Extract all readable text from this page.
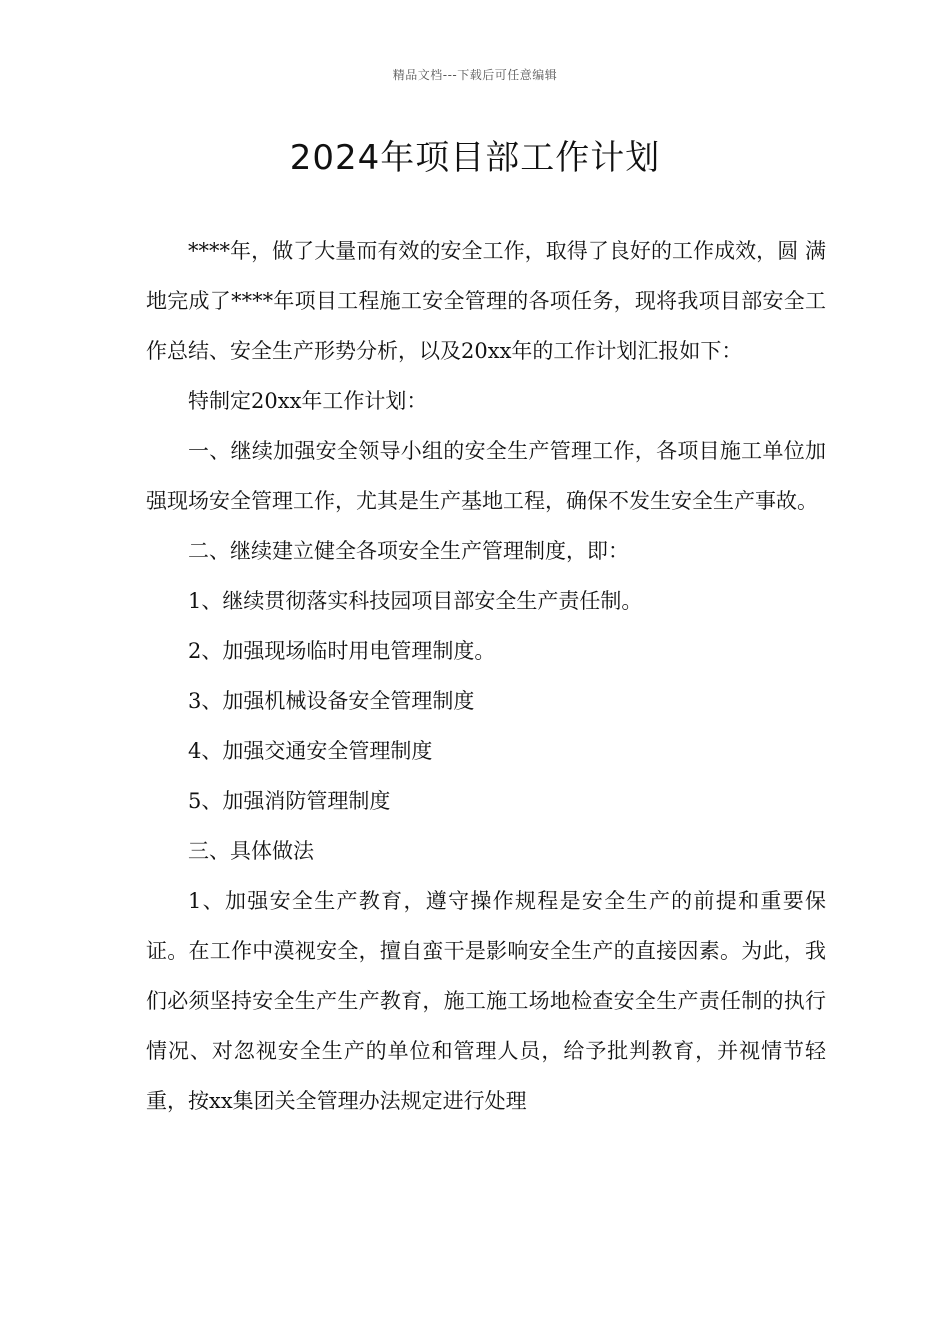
精品文档---下载后可任意编辑
2024年项目部工作计划

****年，做了大量而有效的安全工作，取得了良好的工作成效，圆 满地完成了****年项目工程施工安全管理的各项任务，现将我项目部安全工作总结、安全生产形势分析，以及20xx年的工作计划汇报如下：

特制定20xx年工作计划：

一、继续加强安全领导小组的安全生产管理工作，各项目施工单位加强现场安全管理工作，尤其是生产基地工程，确保不发生安全生产事故。

二、继续建立健全各项安全生产管理制度，即：

1、继续贯彻落实科技园项目部安全生产责任制。

2、加强现场临时用电管理制度。

3、加强机械设备安全管理制度

4、加强交通安全管理制度

5、加强消防管理制度

三、具体做法

1、加强安全生产教育，遵守操作规程是安全生产的前提和重要保证。在工作中漠视安全，擅自蛮干是影响安全生产的直接因素。为此，我们必须坚持安全生产生产教育，施工施工场地检查安全生产责任制的执行情况、对忽视安全生产的单位和管理人员，给予批判教育，并视情节轻重，按xx集团关全管理办法规定进行处理
